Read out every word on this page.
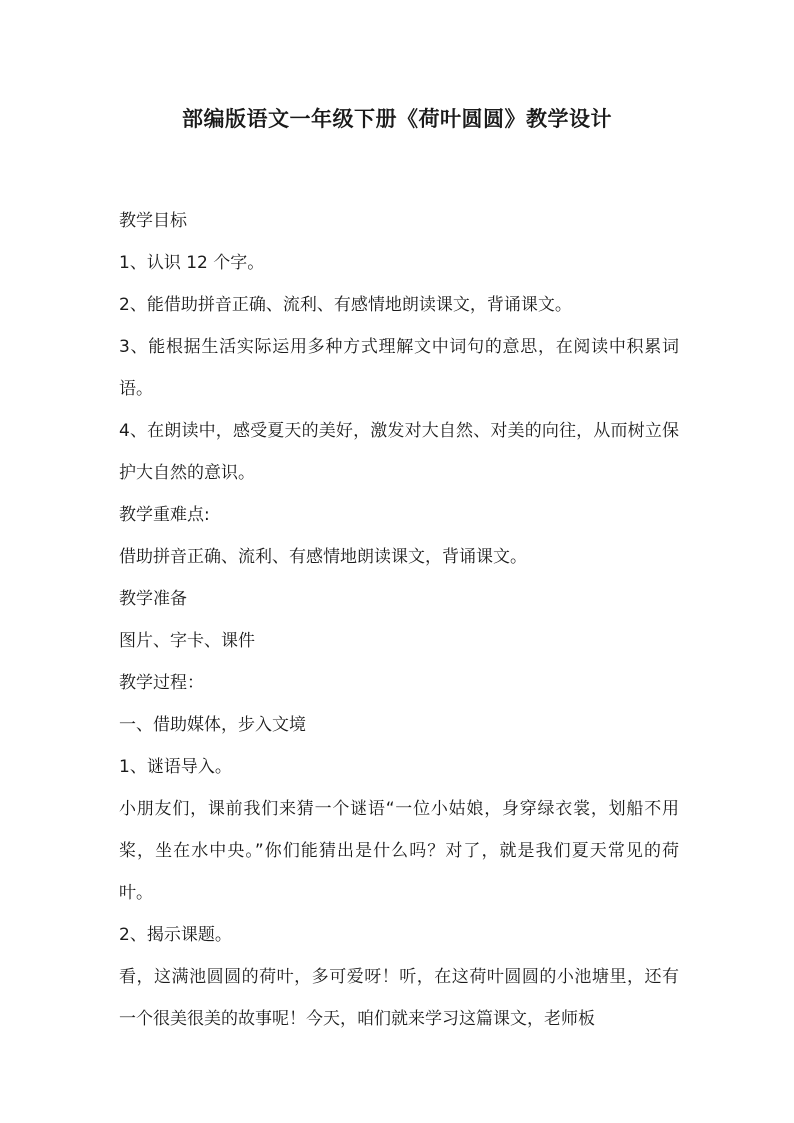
部编版语文一年级下册《荷叶圆圆》教学设计

教学目标

1、认识 12 个字。

2、能借助拼音正确、流利、有感情地朗读课文，背诵课文。

3、能根据生活实际运用多种方式理解文中词句的意思，在阅读中积累词语。

4、在朗读中，感受夏天的美好，激发对大自然、对美的向往，从而树立保护大自然的意识。

教学重难点:

借助拼音正确、流利、有感情地朗读课文，背诵课文。

教学准备

图片、字卡、课件

教学过程：

一、借助媒体，步入文境

1、谜语导入。

小朋友们，课前我们来猜一个谜语“一位小姑娘，身穿绿衣裳，划船不用桨，坐在水中央。”你们能猜出是什么吗？对了，就是我们夏天常见的荷叶。

2、揭示课题。

看，这满池圆圆的荷叶，多可爱呀！听，在这荷叶圆圆的小池塘里，还有一个很美很美的故事呢！今天，咱们就来学习这篇课文，老师板
